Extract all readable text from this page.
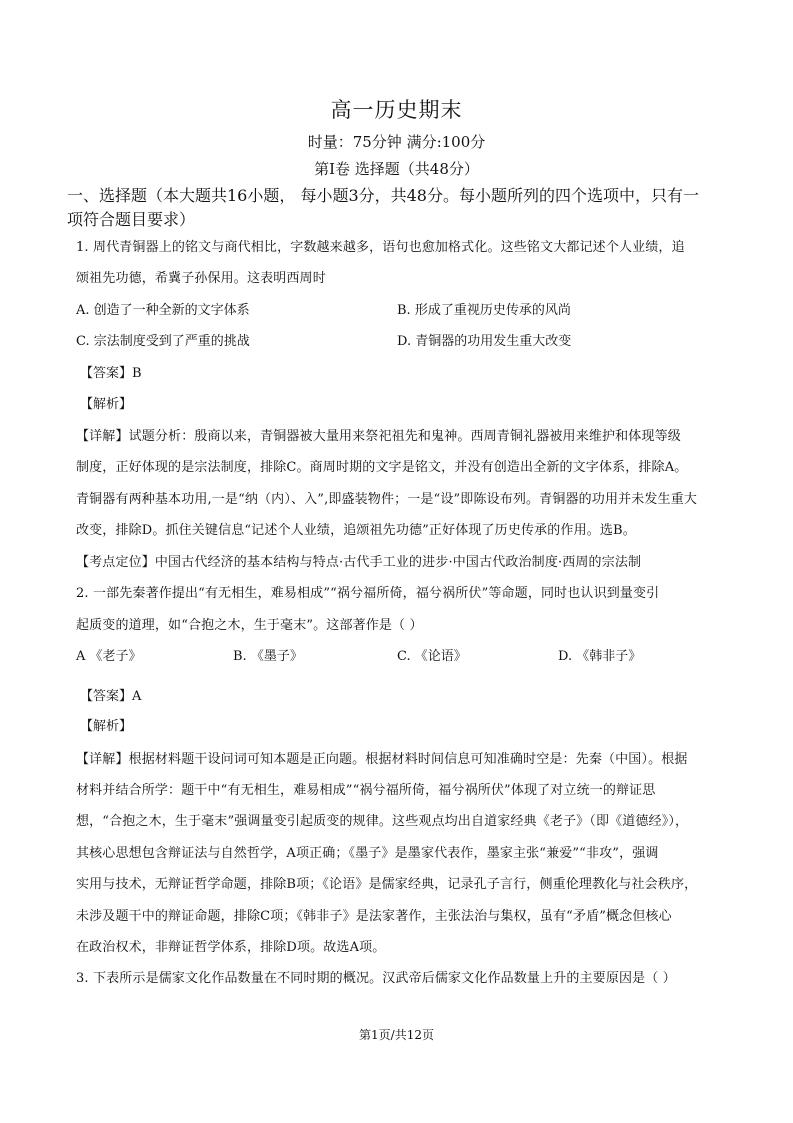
高一历史期末
时量：75分钟 满分:100分
第Ⅰ卷 选择题（共48分）
一、选择题（本大题共16小题， 每小题3分，共48分。每小题所列的四个选项中，只有一
项符合题目要求）
1. 周代青铜器上的铭文与商代相比，字数越来越多，语句也愈加格式化。这些铭文大都记述个人业绩，追
颂祖先功德，希冀子孙保用。这表明西周时
A. 创造了一种全新的文字体系	B. 形成了重视历史传承的风尚
C. 宗法制度受到了严重的挑战	D. 青铜器的功用发生重大改变
【答案】B
【解析】
【详解】试题分析：殷商以来，青铜器被大量用来祭祀祖先和鬼神。西周青铜礼器被用来维护和体现等级
制度，正好体现的是宗法制度，排除C。商周时期的文字是铭文，并没有创造出全新的文字体系，排除A。
青铜器有两种基本功用,一是“纳（内）、入”,即盛装物件；一是“设”即陈设布列。青铜器的功用并未发生重大
改变，排除D。抓住关键信息“记述个人业绩，追颂祖先功德”正好体现了历史传承的作用。选B。
【考点定位】中国古代经济的基本结构与特点·古代手工业的进步·中国古代政治制度·西周的宗法制
2. 一部先秦著作提出“有无相生，难易相成”“祸兮福所倚，福兮祸所伏”等命题，同时也认识到量变引
起质变的道理，如“合抱之木，生于毫末”。这部著作是（ ）
A 《老子》	B. 《墨子》	C. 《论语》	D. 《韩非子》
【答案】A
【解析】
【详解】根据材料题干设问词可知本题是正向题。根据材料时间信息可知准确时空是：先秦（中国）。根据
材料并结合所学：题干中“有无相生，难易相成”“祸兮福所倚，福兮祸所伏”体现了对立统一的辩证思
想，“合抱之木，生于毫末”强调量变引起质变的规律。这些观点均出自道家经典《老子》（即《道德经》），
其核心思想包含辩证法与自然哲学，A项正确；《墨子》是墨家代表作，墨家主张“兼爱”“非攻”，强调
实用与技术，无辩证哲学命题，排除B项；《论语》是儒家经典，记录孔子言行，侧重伦理教化与社会秩序，
未涉及题干中的辩证命题，排除C项；《韩非子》是法家著作，主张法治与集权，虽有“矛盾”概念但核心
在政治权术，非辩证哲学体系，排除D项。故选A项。
3. 下表所示是儒家文化作品数量在不同时期的概况。汉武帝后儒家文化作品数量上升的主要原因是（ ）
第1页/共12页
